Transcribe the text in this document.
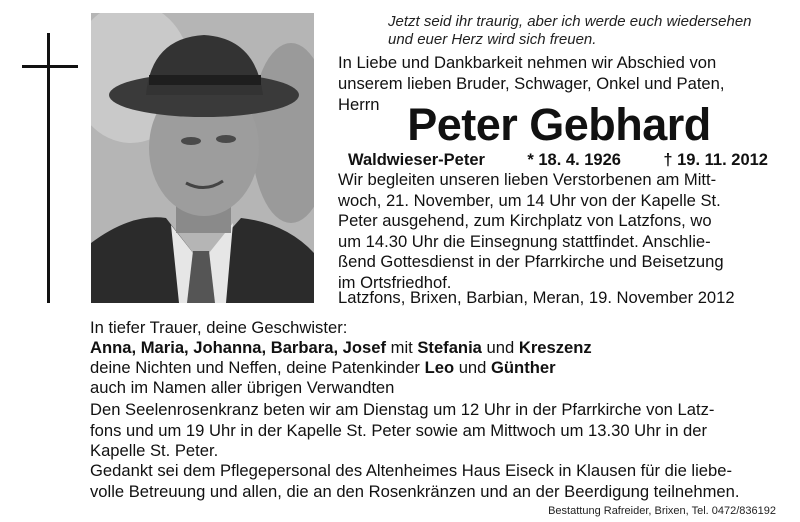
Jetzt seid ihr traurig, aber ich werde euch wiedersehen
und euer Herz wird sich freuen.
In Liebe und Dankbarkeit nehmen wir Abschied von
unserem lieben Bruder, Schwager, Onkel und Paten,
Herrn Peter Gebhard
Waldwieser-Peter	* 18. 4. 1926	† 19. 11. 2012
Wir begleiten unseren lieben Verstorbenen am Mitt-
woch, 21. November, um 14 Uhr von der Kapelle St.
Peter ausgehend, zum Kirchplatz von Latzfons, wo
um 14.30 Uhr die Einsegnung stattfindet. Anschlie-
ßend Gottesdienst in der Pfarrkirche und Beisetzung
im Ortsfriedhof.
Latzfons, Brixen, Barbian, Meran, 19. November 2012
In tiefer Trauer, deine Geschwister:
Anna, Maria, Johanna, Barbara, Josef mit Stefania und Kreszenz
deine Nichten und Neffen, deine Patenkinder Leo und Günther
auch im Namen aller übrigen Verwandten
Den Seelenrosenkranz beten wir am Dienstag um 12 Uhr in der Pfarrkirche von Latz-
fons und um 19 Uhr in der Kapelle St. Peter sowie am Mittwoch um 13.30 Uhr in der
Kapelle St. Peter.
Gedankt sei dem Pflegepersonal des Altenheimes Haus Eiseck in Klausen für die liebe-
volle Betreuung und allen, die an den Rosenkränzen und an der Beerdigung teilnehmen.
Bestattung Rafreider, Brixen, Tel. 0472/836192
